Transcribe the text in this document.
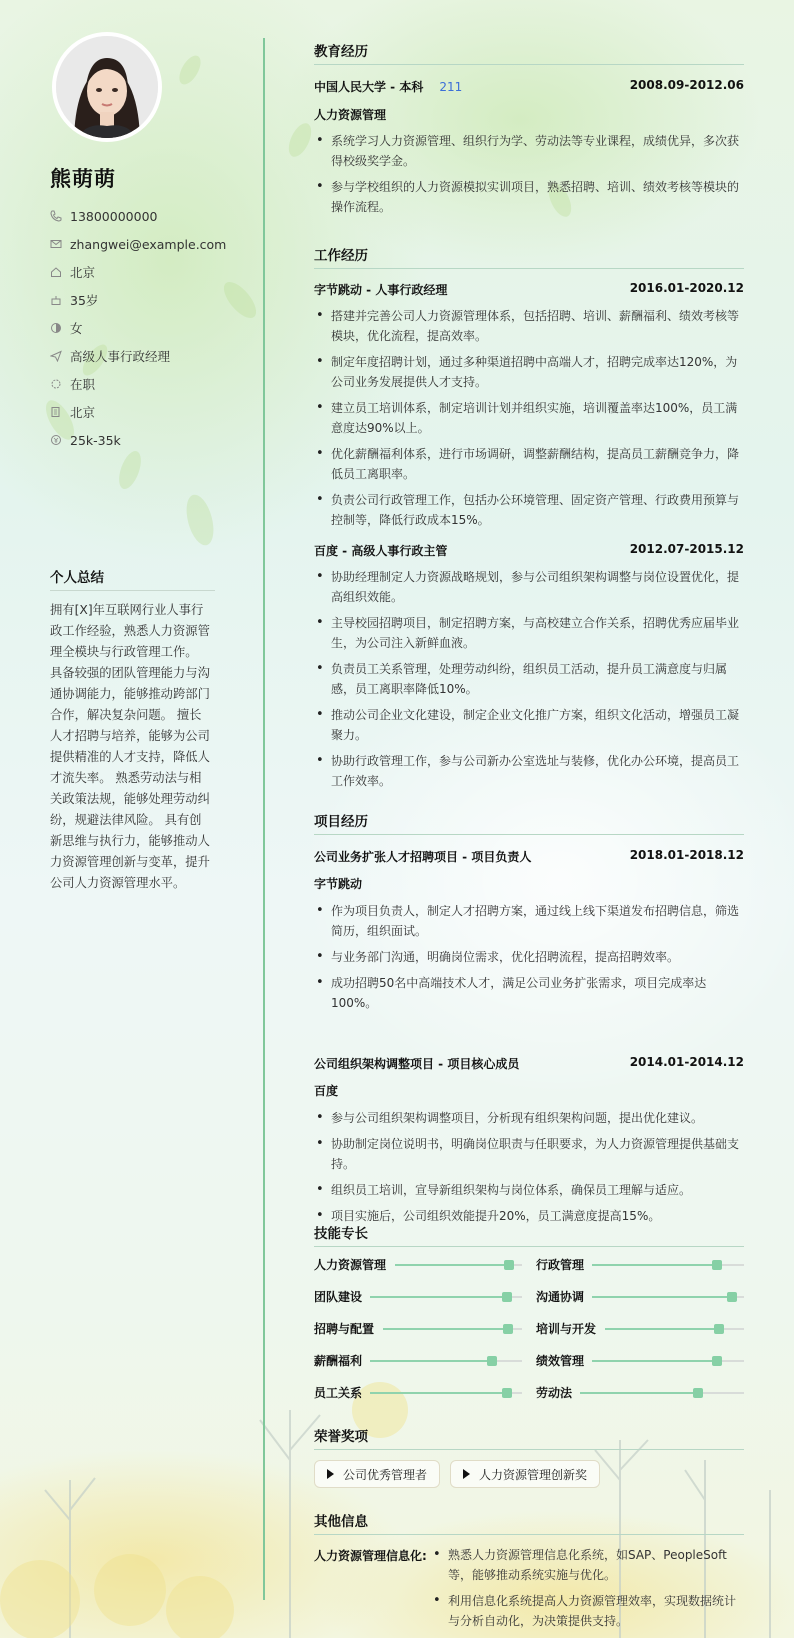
熊萌萌
13800000000
zhangwei@example.com
北京
35岁
女
高级人事行政经理
在职
北京
25k-35k
个人总结
拥有[X]年互联网行业人事行政工作经验，熟悉人力资源管理全模块与行政管理工作。 具备较强的团队管理能力与沟通协调能力，能够推动跨部门合作，解决复杂问题。 擅长人才招聘与培养，能够为公司提供精准的人才支持，降低人才流失率。 熟悉劳动法与相关政策法规，能够处理劳动纠纷，规避法律风险。 具有创新思维与执行力，能够推动人力资源管理创新与变革，提升公司人力资源管理水平。
教育经历
中国人民大学 - 本科 211	2008.09-2012.06
人力资源管理
• 系统学习人力资源管理、组织行为学、劳动法等专业课程，成绩优异，多次获得校级奖学金。
• 参与学校组织的人力资源模拟实训项目，熟悉招聘、培训、绩效考核等模块的操作流程。
工作经历
字节跳动 - 人事行政经理	2016.01-2020.12
• 搭建并完善公司人力资源管理体系，包括招聘、培训、薪酬福利、绩效考核等模块，优化流程，提高效率。
• 制定年度招聘计划，通过多种渠道招聘中高端人才，招聘完成率达120%，为公司业务发展提供人才支持。
• 建立员工培训体系，制定培训计划并组织实施，培训覆盖率达100%，员工满意度达90%以上。
• 优化薪酬福利体系，进行市场调研，调整薪酬结构，提高员工薪酬竞争力，降低员工离职率。
• 负责公司行政管理工作，包括办公环境管理、固定资产管理、行政费用预算与控制等，降低行政成本15%。
百度 - 高级人事行政主管	2012.07-2015.12
• 协助经理制定人力资源战略规划，参与公司组织架构调整与岗位设置优化，提高组织效能。
• 主导校园招聘项目，制定招聘方案，与高校建立合作关系，招聘优秀应届毕业生，为公司注入新鲜血液。
• 负责员工关系管理，处理劳动纠纷，组织员工活动，提升员工满意度与归属感，员工离职率降低10%。
• 推动公司企业文化建设，制定企业文化推广方案，组织文化活动，增强员工凝聚力。
• 协助行政管理工作，参与公司新办公室选址与装修，优化办公环境，提高员工工作效率。
项目经历
公司业务扩张人才招聘项目 - 项目负责人	2018.01-2018.12
字节跳动
• 作为项目负责人，制定人才招聘方案，通过线上线下渠道发布招聘信息，筛选简历，组织面试。
• 与业务部门沟通，明确岗位需求，优化招聘流程，提高招聘效率。
• 成功招聘50名中高端技术人才，满足公司业务扩张需求，项目完成率达100%。
公司组织架构调整项目 - 项目核心成员	2014.01-2014.12
百度
• 参与公司组织架构调整项目，分析现有组织架构问题，提出优化建议。
• 协助制定岗位说明书，明确岗位职责与任职要求，为人力资源管理提供基础支持。
• 组织员工培训，宣导新组织架构与岗位体系，确保员工理解与适应。
• 项目实施后，公司组织效能提升20%，员工满意度提高15%。
技能专长
人力资源管理	行政管理
团队建设	沟通协调
招聘与配置	培训与开发
薪酬福利	绩效管理
员工关系	劳动法
荣誉奖项
公司优秀管理者	人力资源管理创新奖
其他信息
人力资源管理信息化:
•	熟悉人力资源管理信息化系统，如SAP、PeopleSoft等，能够推动系统实施与优化。
• 利用信息化系统提高人力资源管理效率，实现数据统计与分析自动化，为决策提供支持。
